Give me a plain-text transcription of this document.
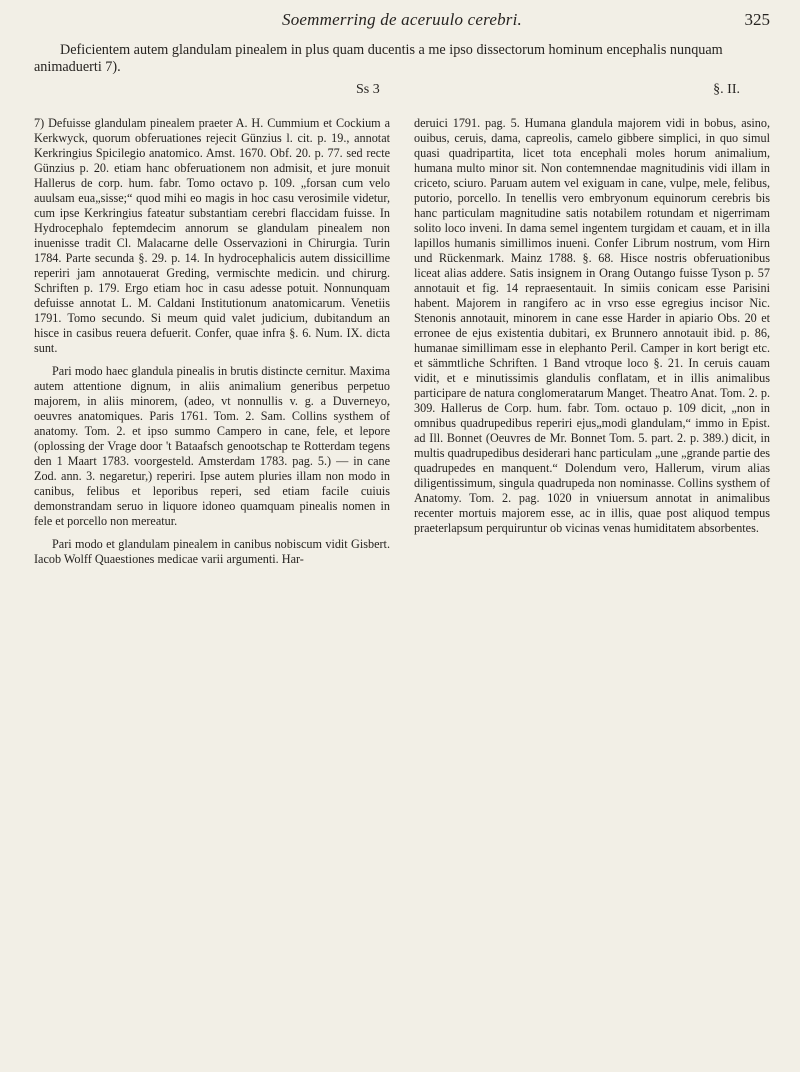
Soemmerring de aceruulo cerebri.	325

Deficientem autem glandulam pinealem in plus quam ducentis a me ipso dissectorum hominum encephalis nunquam animaduerti 7).

Ss 3	§. II.

7) Defuisse glandulam pinealem praeter A. H. Cummium et Cockium a Kerkwyck, quorum obferuationes rejecit Günzius l. cit. p. 19., annotat Kerkringius Spicilegio anatomico. Amst. 1670. Obf. 20. p. 77. sed recte Günzius p. 20. etiam hanc obferuationem non admisit, et jure monuit Hallerus de corp. hum. fabr. Tomo octavo p. 109. „forsan cum velo auulsam eua„sisse;“ quod mihi eo magis in hoc casu verosimile videtur, cum ipse Kerkringius fateatur substantiam cerebri flaccidam fuisse. In Hydrocephalo feptemdecim annorum se glandulam pinealem non inuenisse tradit Cl. Malacarne delle Osservazioni in Chirurgia. Turin 1784. Parte secunda §. 29. p. 14. In hydrocephalicis autem dissicillime reperiri jam annotauerat Greding, vermischte medicin. und chirurg. Schriften p. 179. Ergo etiam hoc in casu adesse potuit. Nonnunquam defuisse annotat L. M. Caldani Institutionum anatomicarum. Venetiis 1791. Tomo secundo. Si meum quid valet judicium, dubitandum an hisce in casibus reuera defuerit. Confer, quae infra §. 6. Num. IX. dicta sunt.

Pari modo haec glandula pinealis in brutis distincte cernitur. Maxima autem attentione dignum, in aliis animalium generibus perpetuo majorem, in aliis minorem, (adeo, vt nonnullis v. g. a Duverneyo, oeuvres anatomiques. Paris 1761. Tom. 2. Sam. Collins systhem of anatomy. Tom. 2. et ipso summo Campero in cane, fele, et lepore (oplossing der Vrage door 't Bataafsch genootschap te Rotterdam tegens den 1 Maart 1783. voorgesteld. Amsterdam 1783. pag. 5.) — in cane Zod. ann. 3. negaretur,) reperiri. Ipse autem pluries illam non modo in canibus, felibus et leporibus reperi, sed etiam facile cuiuis demonstrandam seruo in liquore idoneo quamquam pinealis nomen in fele et porcello non mereatur.

Pari modo et glandulam pinealem in canibus nobiscum vidit Gisbert. Iacob Wolff Quaestiones medicae varii argumenti. Har-

deruici 1791. pag. 5. Humana glandula majorem vidi in bobus, asino, ouibus, ceruis, dama, capreolis, camelo gibbere simplici, in quo simul quasi quadripartita, licet tota encephali moles horum animalium, humana multo minor sit. Non contemnendae magnitudinis vidi illam in criceto, sciuro. Paruam autem vel exiguam in cane, vulpe, mele, felibus, putorio, porcello. In tenellis vero embryonum equinorum cerebris bis hanc particulam magnitudine satis notabilem rotundam et nigerrimam solito loco inveni. In dama semel ingentem turgidam et cauam, et in illa lapillos humanis simillimos inueni. Confer Librum nostrum, vom Hirn und Rückenmark. Mainz 1788. §. 68. Hisce nostris obferuationibus liceat alias addere. Satis insignem in Orang Outango fuisse Tyson p. 57 annotauit et fig. 14 repraesentauit. In simiis conicam esse Parisini habent. Majorem in rangifero ac in vrso esse egregius incisor Nic. Stenonis annotauit, minorem in cane esse Harder in apiario Obs. 20 et erronee de ejus existentia dubitari, ex Brunnero annotauit ibid. p. 86, humanae simillimam esse in elephanto Peril. Camper in kort berigt etc. et sämmtliche Schriften. 1 Band vtroque loco §. 21. In ceruis cauam vidit, et e minutissimis glandulis conflatam, et in illis animalibus participare de natura conglomeratarum Manget. Theatro Anat. Tom. 2. p. 309. Hallerus de Corp. hum. fabr. Tom. octauo p. 109 dicit, „non in omnibus quadrupedibus reperiri ejus„modi glandulam,“ immo in Epist. ad Ill. Bonnet (Oeuvres de Mr. Bonnet Tom. 5. part. 2. p. 389.) dicit, in multis quadrupedibus desiderari hanc particulam „une „grande partie des quadrupedes en manquent.“ Dolendum vero, Hallerum, virum alias diligentissimum, singula quadrupeda non nominasse. Collins systhem of Anatomy. Tom. 2. pag. 1020 in vniuersum annotat in animalibus recenter mortuis majorem esse, ac in illis, quae post aliquod tempus praeterlapsum perquiruntur ob vicinas venas humiditatem absorbentes.
